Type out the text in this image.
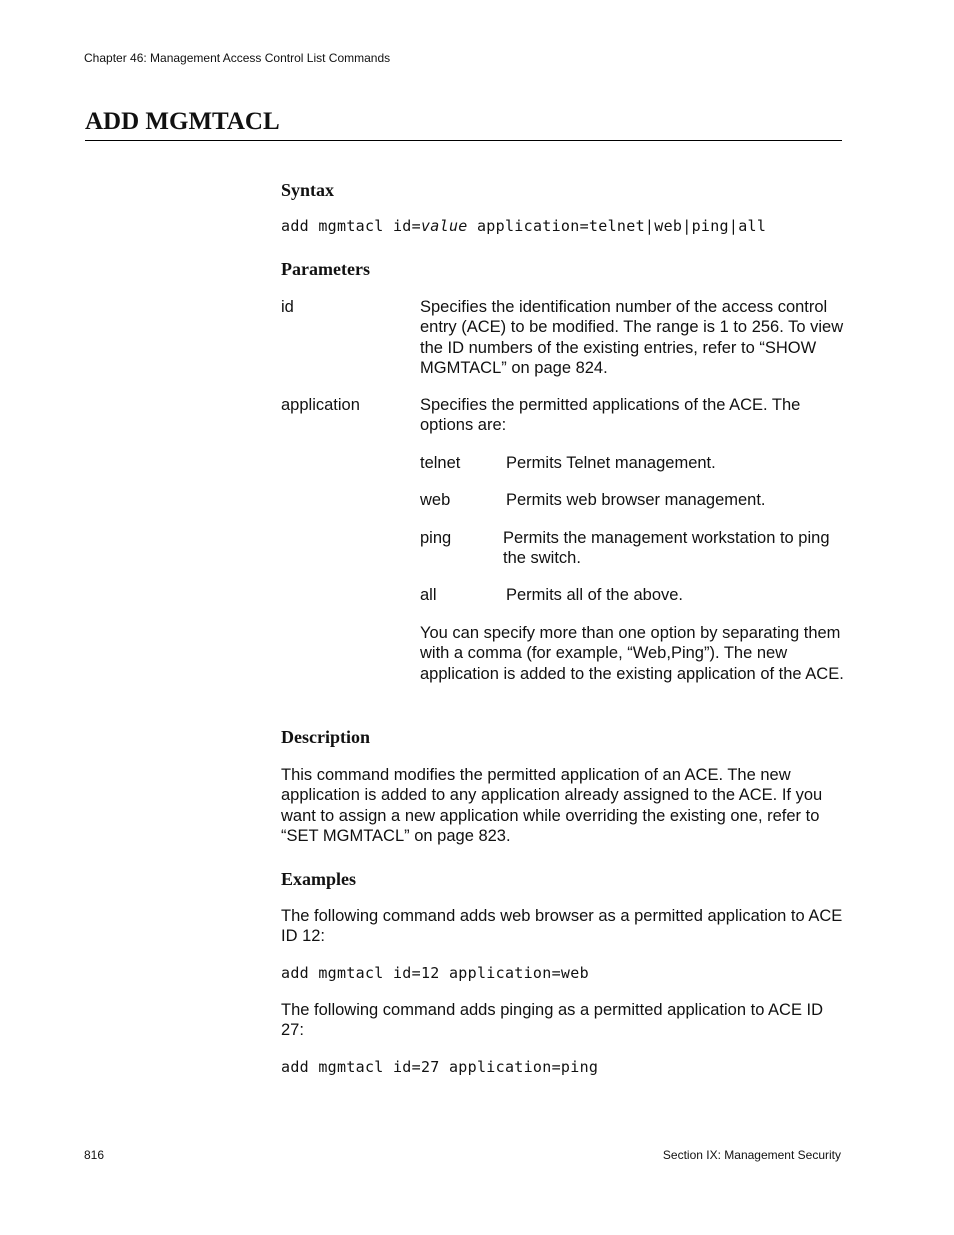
Chapter 46: Management Access Control List Commands
ADD MGMTACL
Syntax
add mgmtacl id=value application=telnet|web|ping|all
Parameters
id	Specifies the identification number of the access control entry (ACE) to be modified. The range is 1 to 256. To view the ID numbers of the existing entries, refer to “SHOW MGMTACL” on page 824.
application	Specifies the permitted applications of the ACE. The options are:
telnet	Permits Telnet management.
web	Permits web browser management.
ping	Permits the management workstation to ping the switch.
all	Permits all of the above.
You can specify more than one option by separating them with a comma (for example, “Web,Ping”). The new application is added to the existing application of the ACE.
Description
This command modifies the permitted application of an ACE. The new application is added to any application already assigned to the ACE. If you want to assign a new application while overriding the existing one, refer to “SET MGMTACL” on page 823.
Examples
The following command adds web browser as a permitted application to ACE ID 12:
add mgmtacl id=12 application=web
The following command adds pinging as a permitted application to ACE ID 27:
add mgmtacl id=27 application=ping
816	Section IX: Management Security
